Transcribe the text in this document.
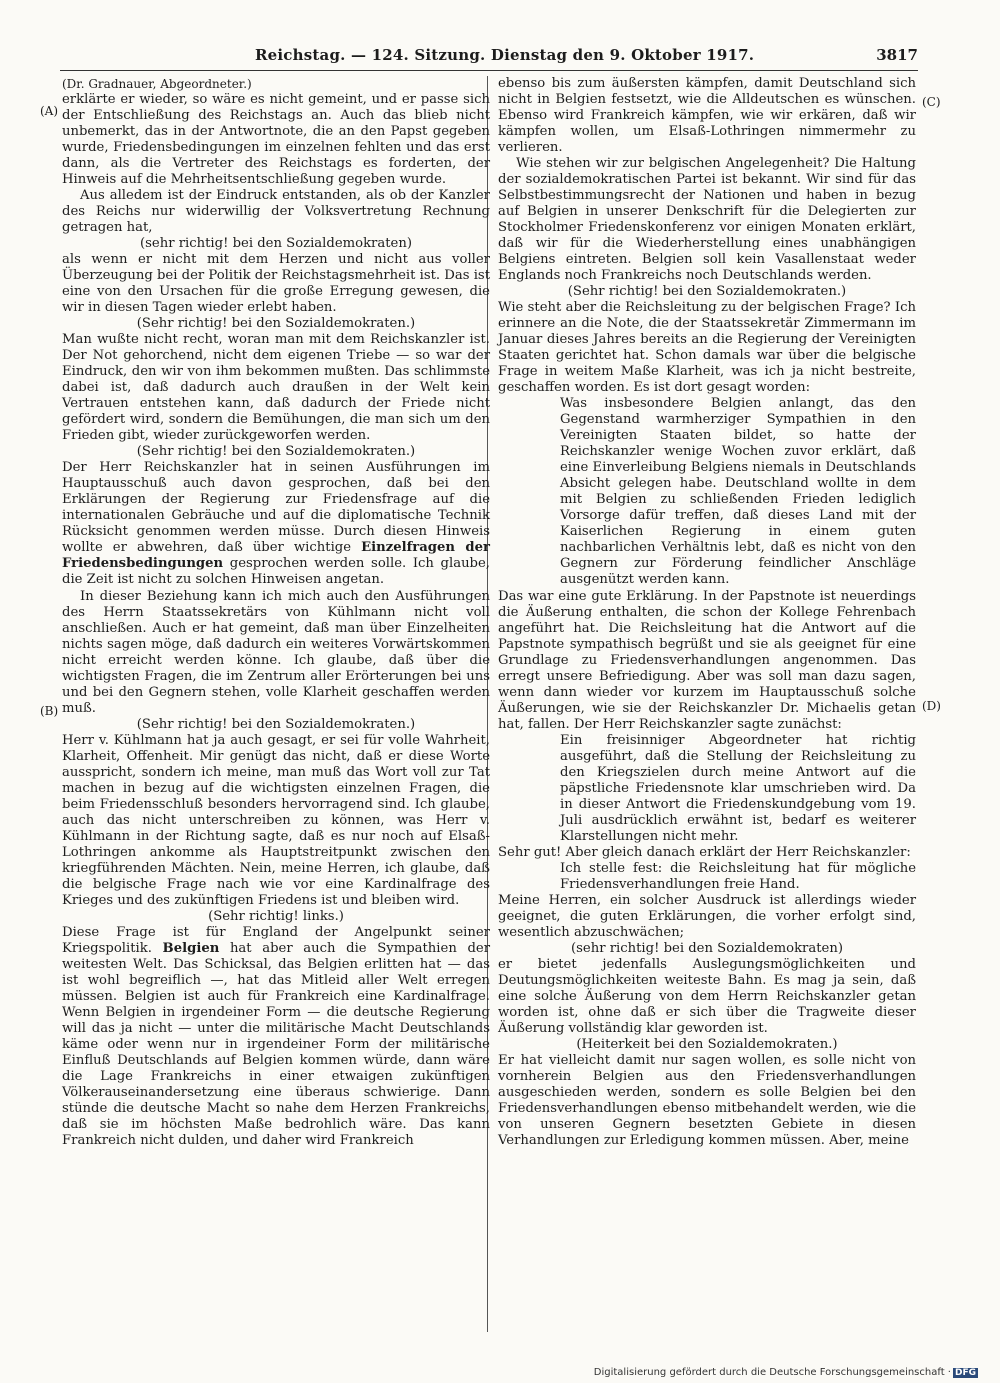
Reichstag. — 124. Sitzung. Dienstag den 9. Oktober 1917.	3817
(A)
(B)
(C)
(D)

(Dr. Gradnauer, Abgeordneter.)

erklärte er wieder, so wäre es nicht gemeint, und er passe sich der Entschließung des Reichstags an. Auch das blieb nicht unbemerkt, das in der Antwortnote, die an den Papst gegeben wurde, Friedensbedingungen im einzelnen fehlten und das erst dann, als die Vertreter des Reichstags es forderten, der Hinweis auf die Mehrheitsentschließung gegeben wurde.

Aus alledem ist der Eindruck entstanden, als ob der Kanzler des Reichs nur widerwillig der Volksvertretung Rechnung getragen hat,

(sehr richtig! bei den Sozialdemokraten)

als wenn er nicht mit dem Herzen und nicht aus voller Überzeugung bei der Politik der Reichstagsmehrheit ist. Das ist eine von den Ursachen für die große Erregung gewesen, die wir in diesen Tagen wieder erlebt haben.

(Sehr richtig! bei den Sozialdemokraten.)

Man wußte nicht recht, woran man mit dem Reichskanzler ist. Der Not gehorchend, nicht dem eigenen Triebe — so war der Eindruck, den wir von ihm bekommen mußten. Das schlimmste dabei ist, daß dadurch auch draußen in der Welt kein Vertrauen entstehen kann, daß dadurch der Friede nicht gefördert wird, sondern die Bemühungen, die man sich um den Frieden gibt, wieder zurückgeworfen werden.

(Sehr richtig! bei den Sozialdemokraten.)

Der Herr Reichskanzler hat in seinen Ausführungen im Hauptausschuß auch davon gesprochen, daß bei den Erklärungen der Regierung zur Friedensfrage auf die internationalen Gebräuche und auf die diplomatische Technik Rücksicht genommen werden müsse. Durch diesen Hinweis wollte er abwehren, daß über wichtige Einzelfragen der Friedensbedingungen gesprochen werden solle. Ich glaube, die Zeit ist nicht zu solchen Hinweisen angetan.

In dieser Beziehung kann ich mich auch den Ausführungen des Herrn Staatssekretärs von Kühlmann nicht voll anschließen. Auch er hat gemeint, daß man über Einzelheiten nichts sagen möge, daß dadurch ein weiteres Vorwärtskommen nicht erreicht werden könne. Ich glaube, daß über die wichtigsten Fragen, die im Zentrum aller Erörterungen bei uns und bei den Gegnern stehen, volle Klarheit geschaffen werden muß.

(Sehr richtig! bei den Sozialdemokraten.)

Herr v. Kühlmann hat ja auch gesagt, er sei für volle Wahrheit, Klarheit, Offenheit. Mir genügt das nicht, daß er diese Worte ausspricht, sondern ich meine, man muß das Wort voll zur Tat machen in bezug auf die wichtigsten einzelnen Fragen, die beim Friedensschluß besonders hervorragend sind. Ich glaube, auch das nicht unterschreiben zu können, was Herr v. Kühlmann in der Richtung sagte, daß es nur noch auf Elsaß-Lothringen ankomme als Hauptstreitpunkt zwischen den kriegführenden Mächten. Nein, meine Herren, ich glaube, daß die belgische Frage nach wie vor eine Kardinalfrage des Krieges und des zukünftigen Friedens ist und bleiben wird.

(Sehr richtig! links.)

Diese Frage ist für England der Angelpunkt seiner Kriegspolitik. Belgien hat aber auch die Sympathien der weitesten Welt. Das Schicksal, das Belgien erlitten hat — das ist wohl begreiflich —, hat das Mitleid aller Welt erregen müssen. Belgien ist auch für Frankreich eine Kardinalfrage. Wenn Belgien in irgendeiner Form — die deutsche Regierung will das ja nicht — unter die militärische Macht Deutschlands käme oder wenn nur in irgendeiner Form der militärische Einfluß Deutschlands auf Belgien kommen würde, dann wäre die Lage Frankreichs in einer etwaigen zukünftigen Völkerauseinandersetzung eine überaus schwierige. Dann stünde die deutsche Macht so nahe dem Herzen Frankreichs, daß sie im höchsten Maße bedrohlich wäre. Das kann Frankreich nicht dulden, und daher wird Frankreich

ebenso bis zum äußersten kämpfen, damit Deutschland sich nicht in Belgien festsetzt, wie die Alldeutschen es wünschen. Ebenso wird Frankreich kämpfen, wie wir erkären, daß wir kämpfen wollen, um Elsaß-Lothringen nimmermehr zu verlieren.

Wie stehen wir zur belgischen Angelegenheit? Die Haltung der sozialdemokratischen Partei ist bekannt. Wir sind für das Selbstbestimmungsrecht der Nationen und haben in bezug auf Belgien in unserer Denkschrift für die Delegierten zur Stockholmer Friedenskonferenz vor einigen Monaten erklärt, daß wir für die Wiederherstellung eines unabhängigen Belgiens eintreten. Belgien soll kein Vasallenstaat weder Englands noch Frankreichs noch Deutschlands werden.

(Sehr richtig! bei den Sozialdemokraten.)

Wie steht aber die Reichsleitung zu der belgischen Frage? Ich erinnere an die Note, die der Staatssekretär Zimmermann im Januar dieses Jahres bereits an die Regierung der Vereinigten Staaten gerichtet hat. Schon damals war über die belgische Frage in weitem Maße Klarheit, was ich ja nicht bestreite, geschaffen worden. Es ist dort gesagt worden:

Was insbesondere Belgien anlangt, das den Gegenstand warmherziger Sympathien in den Vereinigten Staaten bildet, so hatte der Reichskanzler wenige Wochen zuvor erklärt, daß eine Einverleibung Belgiens niemals in Deutschlands Absicht gelegen habe. Deutschland wollte in dem mit Belgien zu schließenden Frieden lediglich Vorsorge dafür treffen, daß dieses Land mit der Kaiserlichen Regierung in einem guten nachbarlichen Verhältnis lebt, daß es nicht von den Gegnern zur Förderung feindlicher Anschläge ausgenützt werden kann.

Das war eine gute Erklärung. In der Papstnote ist neuerdings die Äußerung enthalten, die schon der Kollege Fehrenbach angeführt hat. Die Reichsleitung hat die Antwort auf die Papstnote sympathisch begrüßt und sie als geeignet für eine Grundlage zu Friedensverhandlungen angenommen. Das erregt unsere Befriedigung. Aber was soll man dazu sagen, wenn dann wieder vor kurzem im Hauptausschuß solche Äußerungen, wie sie der Reichskanzler Dr. Michaelis getan hat, fallen. Der Herr Reichskanzler sagte zunächst:

Ein freisinniger Abgeordneter hat richtig ausgeführt, daß die Stellung der Reichsleitung zu den Kriegszielen durch meine Antwort auf die päpstliche Friedensnote klar umschrieben wird. Da in dieser Antwort die Friedenskundgebung vom 19. Juli ausdrücklich erwähnt ist, bedarf es weiterer Klarstellungen nicht mehr.

Sehr gut! Aber gleich danach erklärt der Herr Reichskanzler:

Ich stelle fest: die Reichsleitung hat für mögliche Friedensverhandlungen freie Hand.

Meine Herren, ein solcher Ausdruck ist allerdings wieder geeignet, die guten Erklärungen, die vorher erfolgt sind, wesentlich abzuschwächen;

(sehr richtig! bei den Sozialdemokraten)

er bietet jedenfalls Auslegungsmöglichkeiten und Deutungsmöglichkeiten weiteste Bahn. Es mag ja sein, daß eine solche Äußerung von dem Herrn Reichskanzler getan worden ist, ohne daß er sich über die Tragweite dieser Äußerung vollständig klar geworden ist.

(Heiterkeit bei den Sozialdemokraten.)

Er hat vielleicht damit nur sagen wollen, es solle nicht von vornherein Belgien aus den Friedensverhandlungen ausgeschieden werden, sondern es solle Belgien bei den Friedensverhandlungen ebenso mitbehandelt werden, wie die von unseren Gegnern besetzten Gebiete in diesen Verhandlungen zur Erledigung kommen müssen. Aber, meine

Digitalisierung gefördert durch die Deutsche Forschungsgemeinschaft · DFG
